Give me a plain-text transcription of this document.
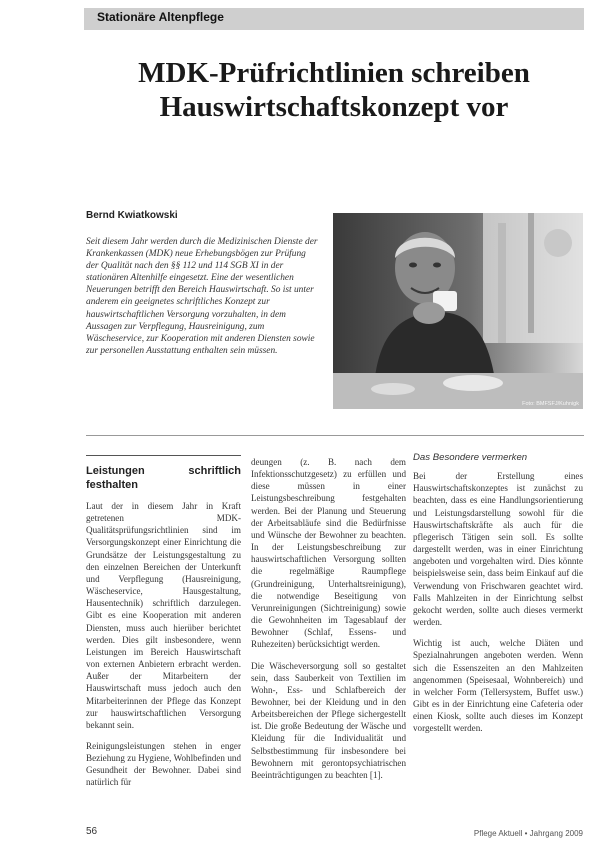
Stationäre Altenpflege
MDK-Prüfrichtlinien schreiben
Hauswirtschaftskonzept vor
Bernd Kwiatkowski

Seit diesem Jahr werden durch die Medizinischen Dienste der Krankenkassen (MDK) neue Erhebungsbögen zur Prüfung der Qualität nach den §§ 112 und 114 SGB XI in der stationären Altenhilfe eingesetzt. Eine der wesentlichen Neuerungen betrifft den Bereich Hauswirtschaft. So ist unter anderem ein geeignetes schriftliches Konzept zur hauswirtschaftlichen Versorgung vorzuhalten, in dem Aussagen zur Verpflegung, Hausreinigung, zum Wäscheservice, zur Kooperation mit anderen Diensten sowie zur personellen Ausstattung enthalten sein müssen.

Foto: BMFSFJ/Kuhnigk
Leistungen schriftlich festhalten

Laut der in diesem Jahr in Kraft getretenen MDK-Qualitätsprüfungsrichtlinien sind im Versorgungskonzept einer Einrichtung die Grundsätze der Leistungsgestaltung zu den einzelnen Bereichen der Unterkunft und Verpflegung (Hausreinigung, Wäscheservice, Hausgestaltung, Hausentechnik) schriftlich darzulegen. Gibt es eine Kooperation mit anderen Diensten, muss auch hierüber berichtet werden. Dies gilt insbesondere, wenn Leistungen im Bereich Hauswirtschaft von externen Anbietern erbracht werden. Außer der Mitarbeitern der Hauswirtschaft muss jedoch auch den Mitarbeiterinnen der Pflege das Konzept zur hauswirtschaftlichen Versorgung bekannt sein.

Reinigungsleistungen stehen in enger Beziehung zu Hygiene, Wohlbefinden und Gesundheit der Bewohner. Dabei sind natürlich für

deungen (z. B. nach dem Infektionsschutzgesetz) zu erfüllen und diese müssen in einer Leistungsbeschreibung festgehalten werden. Bei der Planung und Steuerung der Arbeitsabläufe sind die Bedürfnisse und Wünsche der Bewohner zu beachten. In der Leistungsbeschreibung zur hauswirtschaftlichen Versorgung sollten die regelmäßige Raumpflege (Grundreinigung, Unterhaltsreinigung), die notwendige Beseitigung von Verunreinigungen (Sichtreinigung) sowie die Gewohnheiten im Tagesablauf der Bewohner (Schlaf, Essens- und Ruhezeiten) berücksichtigt werden.

Die Wäscheversorgung soll so gestaltet sein, dass Sauberkeit von Textilien im Wohn-, Ess- und Schlafbereich der Bewohner, bei der Kleidung und in den Arbeitsbereichen der Pflege sichergestellt ist. Die große Bedeutung der Wäsche und Kleidung für die Individualität und Selbstbestimmung für insbesondere bei Bewohnern mit gerontopsychiatrischen Beeinträchtigungen zu beachten [1].

Das Besondere vermerken

Bei der Erstellung eines Hauswirtschaftskonzeptes ist zunächst zu beachten, dass es eine Handlungsorientierung und Leistungsdarstellung sowohl für die Hauswirtschaftskräfte als auch für die pflegerisch Tätigen sein soll. Es sollte dargestellt werden, was in einer Einrichtung angeboten und vorgehalten wird. Dies könnte beispielsweise sein, dass beim Einkauf auf die Verwendung von Frischwaren geachtet wird. Falls Mahlzeiten in der Einrichtung selbst gekocht werden, sollte auch dieses vermerkt werden.

Wichtig ist auch, welche Diäten und Spezialnahrungen angeboten werden. Wenn sich die Essenszeiten an den Mahlzeiten angenommen (Speisesaal, Wohnbereich) und in welcher Form (Tellersystem, Buffet usw.) Gibt es in der Einrichtung eine Cafeteria oder einen Kiosk, sollte auch dieses im Konzept vorgestellt werden.

56	Pflege Aktuell • Jahrgang 2009
